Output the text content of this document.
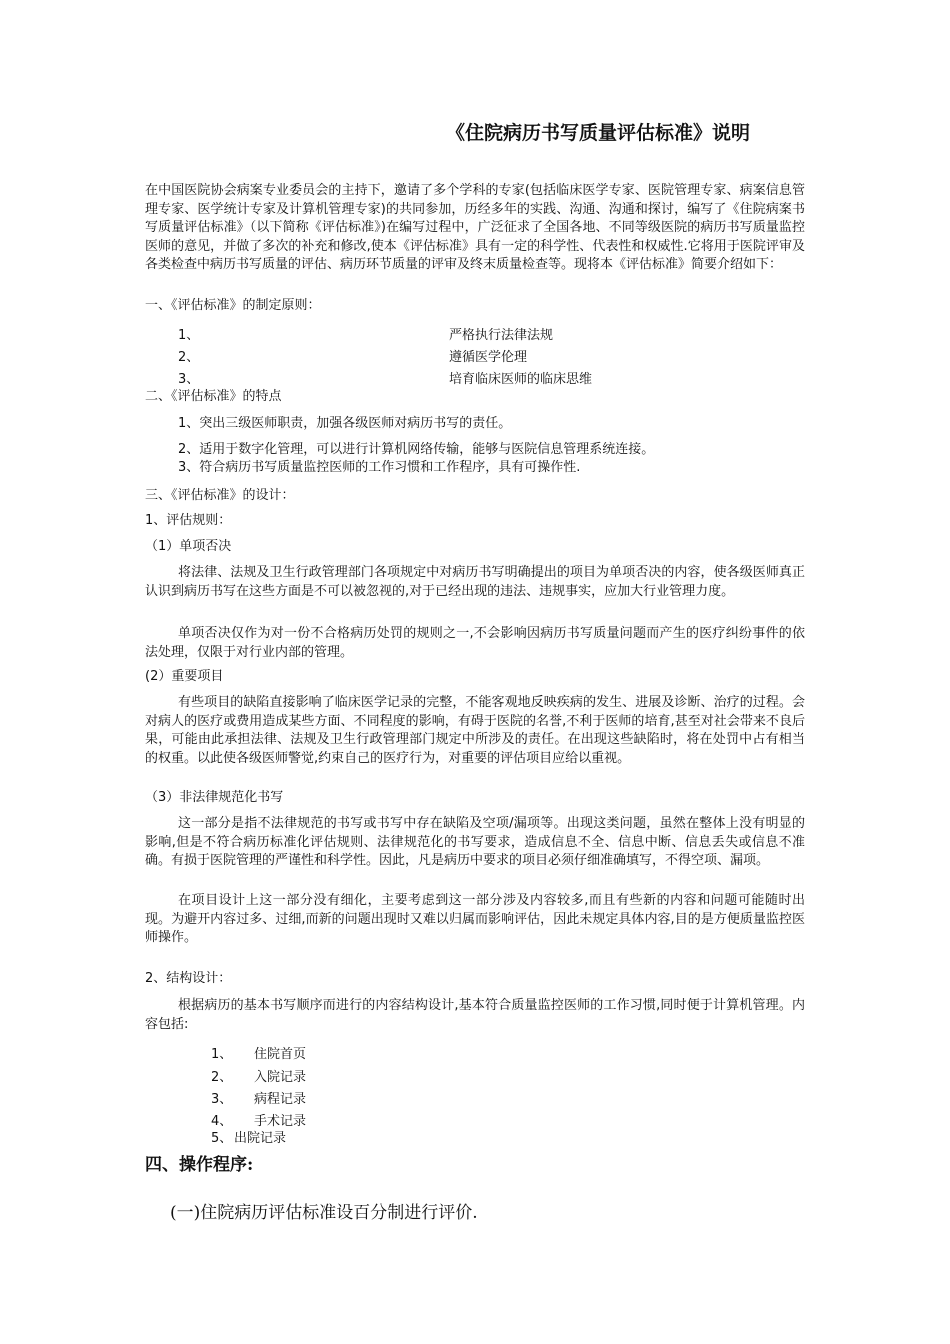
《住院病历书写质量评估标准》说明
在中国医院协会病案专业委员会的主持下，邀请了多个学科的专家(包括临床医学专家、医院管理专家、病案信息管理专家、医学统计专家及计算机管理专家)的共同参加，历经多年的实践、沟通、沟通和探讨，编写了《住院病案书写质量评估标准》（以下简称《评估标准》)在编写过程中，广泛征求了全国各地、不同等级医院的病历书写质量监控医师的意见，并做了多次的补充和修改,使本《评估标准》具有一定的科学性、代表性和权威性.它将用于医院评审及各类检查中病历书写质量的评估、病历环节质量的评审及终末质量检查等。现将本《评估标准》简要介绍如下：
一、《评估标准》的制定原则：
1、	严格执行法律法规
2、	遵循医学伦理
3、	培育临床医师的临床思维
二、《评估标准》的特点
1、突出三级医师职责，加强各级医师对病历书写的责任。
2、适用于数字化管理，可以进行计算机网络传输，能够与医院信息管理系统连接。
3、符合病历书写质量监控医师的工作习惯和工作程序，具有可操作性.
三、《评估标准》的设计：
1、评估规则：
（1）单项否决
将法律、法规及卫生行政管理部门各项规定中对病历书写明确提出的项目为单项否决的内容，使各级医师真正认识到病历书写在这些方面是不可以被忽视的,对于已经出现的违法、违规事实，应加大行业管理力度。
单项否决仅作为对一份不合格病历处罚的规则之一,不会影响因病历书写质量问题而产生的医疗纠纷事件的依法处理，仅限于对行业内部的管理。
(2）重要项目
有些项目的缺陷直接影响了临床医学记录的完整，不能客观地反映疾病的发生、进展及诊断、治疗的过程。会对病人的医疗或费用造成某些方面、不同程度的影响，有碍于医院的名誉,不利于医师的培育,甚至对社会带来不良后果，可能由此承担法律、法规及卫生行政管理部门规定中所涉及的责任。在出现这些缺陷时，将在处罚中占有相当的权重。以此使各级医师警觉,约束自己的医疗行为，对重要的评估项目应给以重视。
（3）非法律规范化书写
这一部分是指不法律规范的书写或书写中存在缺陷及空项/漏项等。出现这类问题，虽然在整体上没有明显的影响,但是不符合病历标准化评估规则、法律规范化的书写要求，造成信息不全、信息中断、信息丢失或信息不准确。有损于医院管理的严谨性和科学性。因此，凡是病历中要求的项目必须仔细准确填写，不得空项、漏项。
在项目设计上这一部分没有细化，主要考虑到这一部分涉及内容较多,而且有些新的内容和问题可能随时出现。为避开内容过多、过细,而新的问题出现时又难以归属而影响评估，因此未规定具体内容,目的是方便质量监控医师操作。
2、结构设计：
根据病历的基本书写顺序而进行的内容结构设计,基本符合质量监控医师的工作习惯,同时便于计算机管理。内容包括:
1、 住院首页
2、 入院记录
3、 病程记录
4、 手术记录
5、 出院记录
四、操作程序:
(一)住院病历评估标准设百分制进行评价.
